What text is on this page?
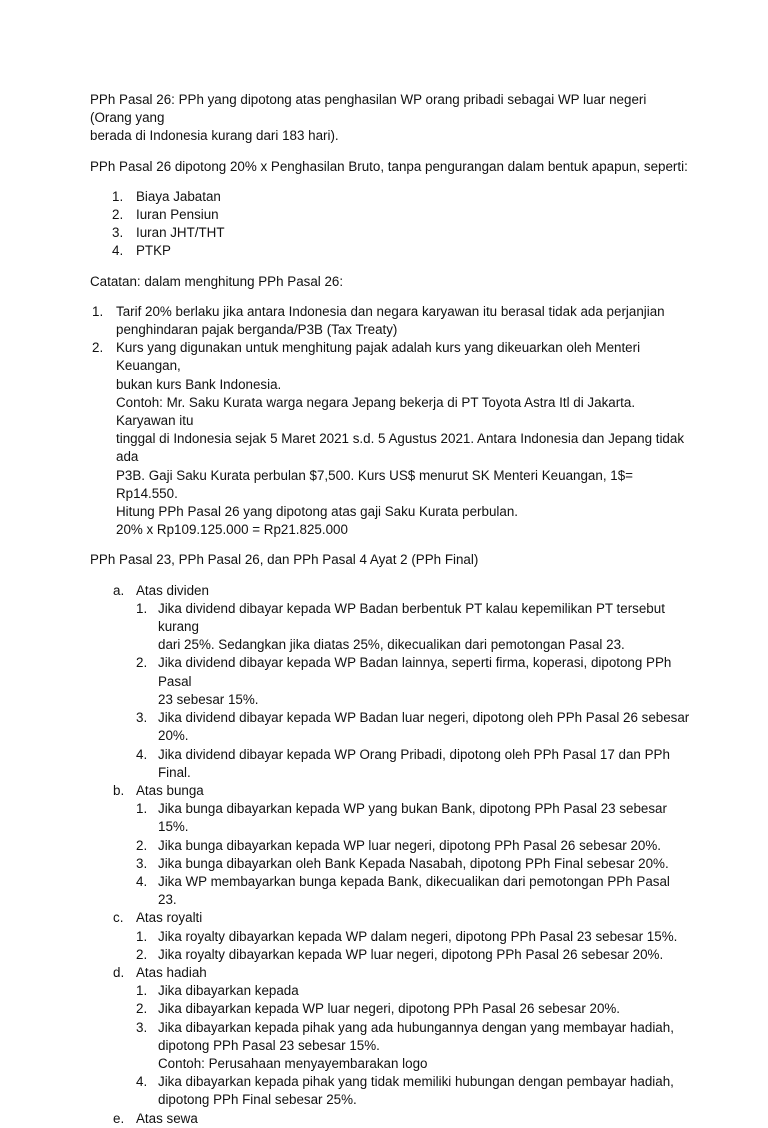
PPh Pasal 26: PPh yang dipotong atas penghasilan WP orang pribadi sebagai WP luar negeri (Orang yang
berada di Indonesia kurang dari 183 hari).

PPh Pasal 26 dipotong 20% x Penghasilan Bruto, tanpa pengurangan dalam bentuk apapun, seperti:

1. Biaya Jabatan
2. Iuran Pensiun
3. Iuran JHT/THT
4. PTKP

Catatan: dalam menghitung PPh Pasal 26:

1. Tarif 20% berlaku jika antara Indonesia dan negara karyawan itu berasal tidak ada perjanjian
penghindaran pajak berganda/P3B (Tax Treaty)
2. Kurs yang digunakan untuk menghitung pajak adalah kurs yang dikeuarkan oleh Menteri Keuangan,
bukan kurs Bank Indonesia.
Contoh: Mr. Saku Kurata warga negara Jepang bekerja di PT Toyota Astra Itl di Jakarta. Karyawan itu
tinggal di Indonesia sejak 5 Maret 2021 s.d. 5 Agustus 2021. Antara Indonesia dan Jepang tidak ada
P3B. Gaji Saku Kurata perbulan $7,500. Kurs US$ menurut SK Menteri Keuangan, 1$= Rp14.550.
Hitung PPh Pasal 26 yang dipotong atas gaji Saku Kurata perbulan.
20% x Rp109.125.000 = Rp21.825.000

PPh Pasal 23, PPh Pasal 26, dan PPh Pasal 4 Ayat 2 (PPh Final)

a. Atas dividen
1. Jika dividend dibayar kepada WP Badan berbentuk PT kalau kepemilikan PT tersebut kurang
dari 25%. Sedangkan jika diatas 25%, dikecualikan dari pemotongan Pasal 23.
2. Jika dividend dibayar kepada WP Badan lainnya, seperti firma, koperasi, dipotong PPh Pasal
23 sebesar 15%.
3. Jika dividend dibayar kepada WP Badan luar negeri, dipotong oleh PPh Pasal 26 sebesar 20%.
4. Jika dividend dibayar kepada WP Orang Pribadi, dipotong oleh PPh Pasal 17 dan PPh Final.
b. Atas bunga
1. Jika bunga dibayarkan kepada WP yang bukan Bank, dipotong PPh Pasal 23 sebesar 15%.
2. Jika bunga dibayarkan kepada WP luar negeri, dipotong PPh Pasal 26 sebesar 20%.
3. Jika bunga dibayarkan oleh Bank Kepada Nasabah, dipotong PPh Final sebesar 20%.
4. Jika WP membayarkan bunga kepada Bank, dikecualikan dari pemotongan PPh Pasal 23.
c. Atas royalti
1. Jika royalty dibayarkan kepada WP dalam negeri, dipotong PPh Pasal 23 sebesar 15%.
2. Jika royalty dibayarkan kepada WP luar negeri, dipotong PPh Pasal 26 sebesar 20%.
d. Atas hadiah
1. Jika dibayarkan kepada
2. Jika dibayarkan kepada WP luar negeri, dipotong PPh Pasal 26 sebesar 20%.
3. Jika dibayarkan kepada pihak yang ada hubungannya dengan yang membayar hadiah,
dipotong PPh Pasal 23 sebesar 15%.
Contoh: Perusahaan menyayembarakan logo
4. Jika dibayarkan kepada pihak yang tidak memiliki hubungan dengan pembayar hadiah,
dipotong PPh Final sebesar 25%.
e. Atas sewa
